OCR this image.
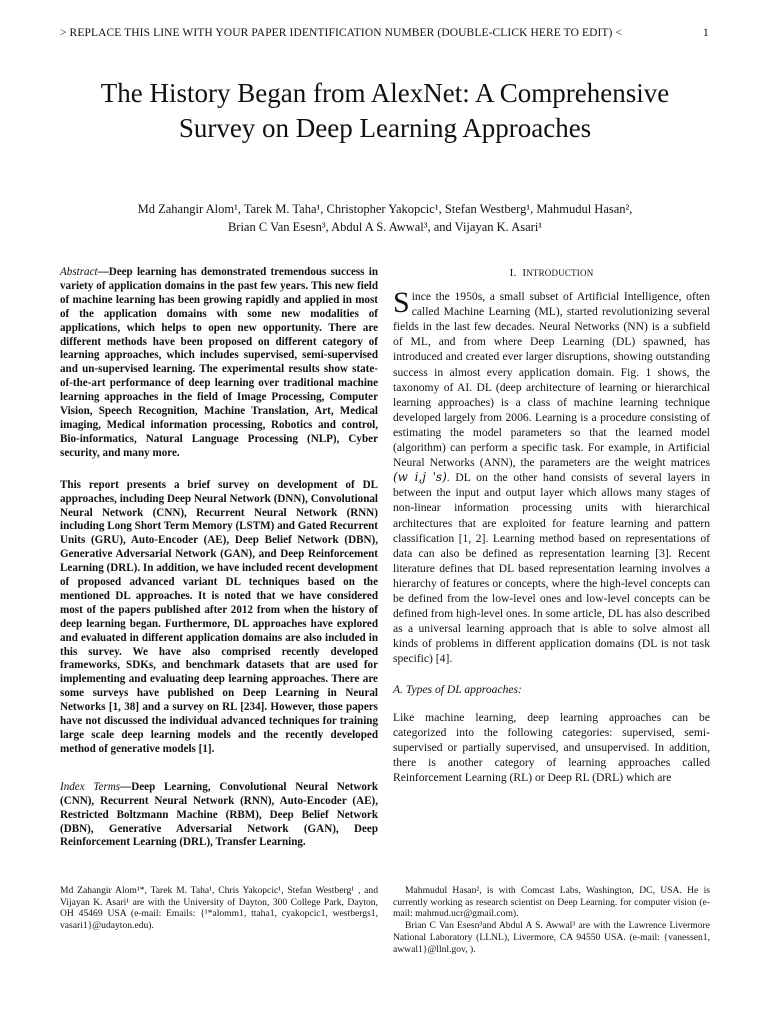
> REPLACE THIS LINE WITH YOUR PAPER IDENTIFICATION NUMBER (DOUBLE-CLICK HERE TO EDIT) <	1
The History Began from AlexNet: A Comprehensive Survey on Deep Learning Approaches
Md Zahangir Alom¹, Tarek M. Taha¹, Christopher Yakopcic¹, Stefan Westberg¹, Mahmudul Hasan²,
Brian C Van Esesn³, Abdul A S. Awwal³, and Vijayan K. Asari¹

Abstract—Deep learning has demonstrated tremendous success in variety of application domains in the past few years. This new field of machine learning has been growing rapidly and applied in most of the application domains with some new modalities of applications, which helps to open new opportunity. There are different methods have been proposed on different category of learning approaches, which includes supervised, semi-supervised and un-supervised learning. The experimental results show state-of-the-art performance of deep learning over traditional machine learning approaches in the field of Image Processing, Computer Vision, Speech Recognition, Machine Translation, Art, Medical imaging, Medical information processing, Robotics and control, Bio-informatics, Natural Language Processing (NLP), Cyber security, and many more.

This report presents a brief survey on development of DL approaches, including Deep Neural Network (DNN), Convolutional Neural Network (CNN), Recurrent Neural Network (RNN) including Long Short Term Memory (LSTM) and Gated Recurrent Units (GRU), Auto-Encoder (AE), Deep Belief Network (DBN), Generative Adversarial Network (GAN), and Deep Reinforcement Learning (DRL). In addition, we have included recent development of proposed advanced variant DL techniques based on the mentioned DL approaches. It is noted that we have considered most of the papers published after 2012 from when the history of deep learning began. Furthermore, DL approaches have explored and evaluated in different application domains are also included in this survey. We have also comprised recently developed frameworks, SDKs, and benchmark datasets that are used for implementing and evaluating deep learning approaches. There are some surveys have published on Deep Learning in Neural Networks [1, 38] and a survey on RL [234]. However, those papers have not discussed the individual advanced techniques for training large scale deep learning models and the recently developed method of generative models [1].

Index Terms—Deep Learning, Convolutional Neural Network (CNN), Recurrent Neural Network (RNN), Auto-Encoder (AE), Restricted Boltzmann Machine (RBM), Deep Belief Network (DBN), Generative Adversarial Network (GAN), Deep Reinforcement Learning (DRL), Transfer Learning.

I. INTRODUCTION

Since the 1950s, a small subset of Artificial Intelligence, often called Machine Learning (ML), started revolutionizing several fields in the last few decades. Neural Networks (NN) is a subfield of ML, and from where Deep Learning (DL) spawned, has introduced and created ever larger disruptions, showing outstanding success in almost every application domain. Fig. 1 shows, the taxonomy of AI. DL (deep architecture of learning or hierarchical learning approaches) is a class of machine learning technique developed largely from 2006. Learning is a procedure consisting of estimating the model parameters so that the learned model (algorithm) can perform a specific task. For example, in Artificial Neural Networks (ANN), the parameters are the weight matrices (w i,j 's). DL on the other hand consists of several layers in between the input and output layer which allows many stages of non-linear information processing units with hierarchical architectures that are exploited for feature learning and pattern classification [1, 2]. Learning method based on representations of data can also be defined as representation learning [3]. Recent literature defines that DL based representation learning involves a hierarchy of features or concepts, where the high-level concepts can be defined from the low-level ones and low-level concepts can be defined from high-level ones. In some article, DL has also described as a universal learning approach that is able to solve almost all kinds of problems in different application domains (DL is not task specific) [4].

A. Types of DL approaches:

Like machine learning, deep learning approaches can be categorized into the following categories: supervised, semi-supervised or partially supervised, and unsupervised. In addition, there is another category of learning approaches called Reinforcement Learning (RL) or Deep RL (DRL) which are

Md Zahangir Alom¹*, Tarek M. Taha¹, Chris Yakopcic¹, Stefan Westberg¹ , and Vijayan K. Asari¹ are with the University of Dayton, 300 College Park, Dayton, OH 45469 USA (e-mail: Emails: {¹*alomm1, ttaha1, cyakopcic1, westbergs1, vasari1}@udayton.edu).

Mahmudul Hasan², is with Comcast Labs, Washington, DC, USA. He is currently working as research scientist on Deep Learning. for computer vision (e-mail: mahmud.ucr@gmail.com).

Brian C Van Esesn³and Abdul A S. Awwal³ are with the Lawrence Livermore National Laboratory (LLNL), Livermore, CA 94550 USA. (e-mail: {vanessen1, awwal1}@llnl.gov, ).
